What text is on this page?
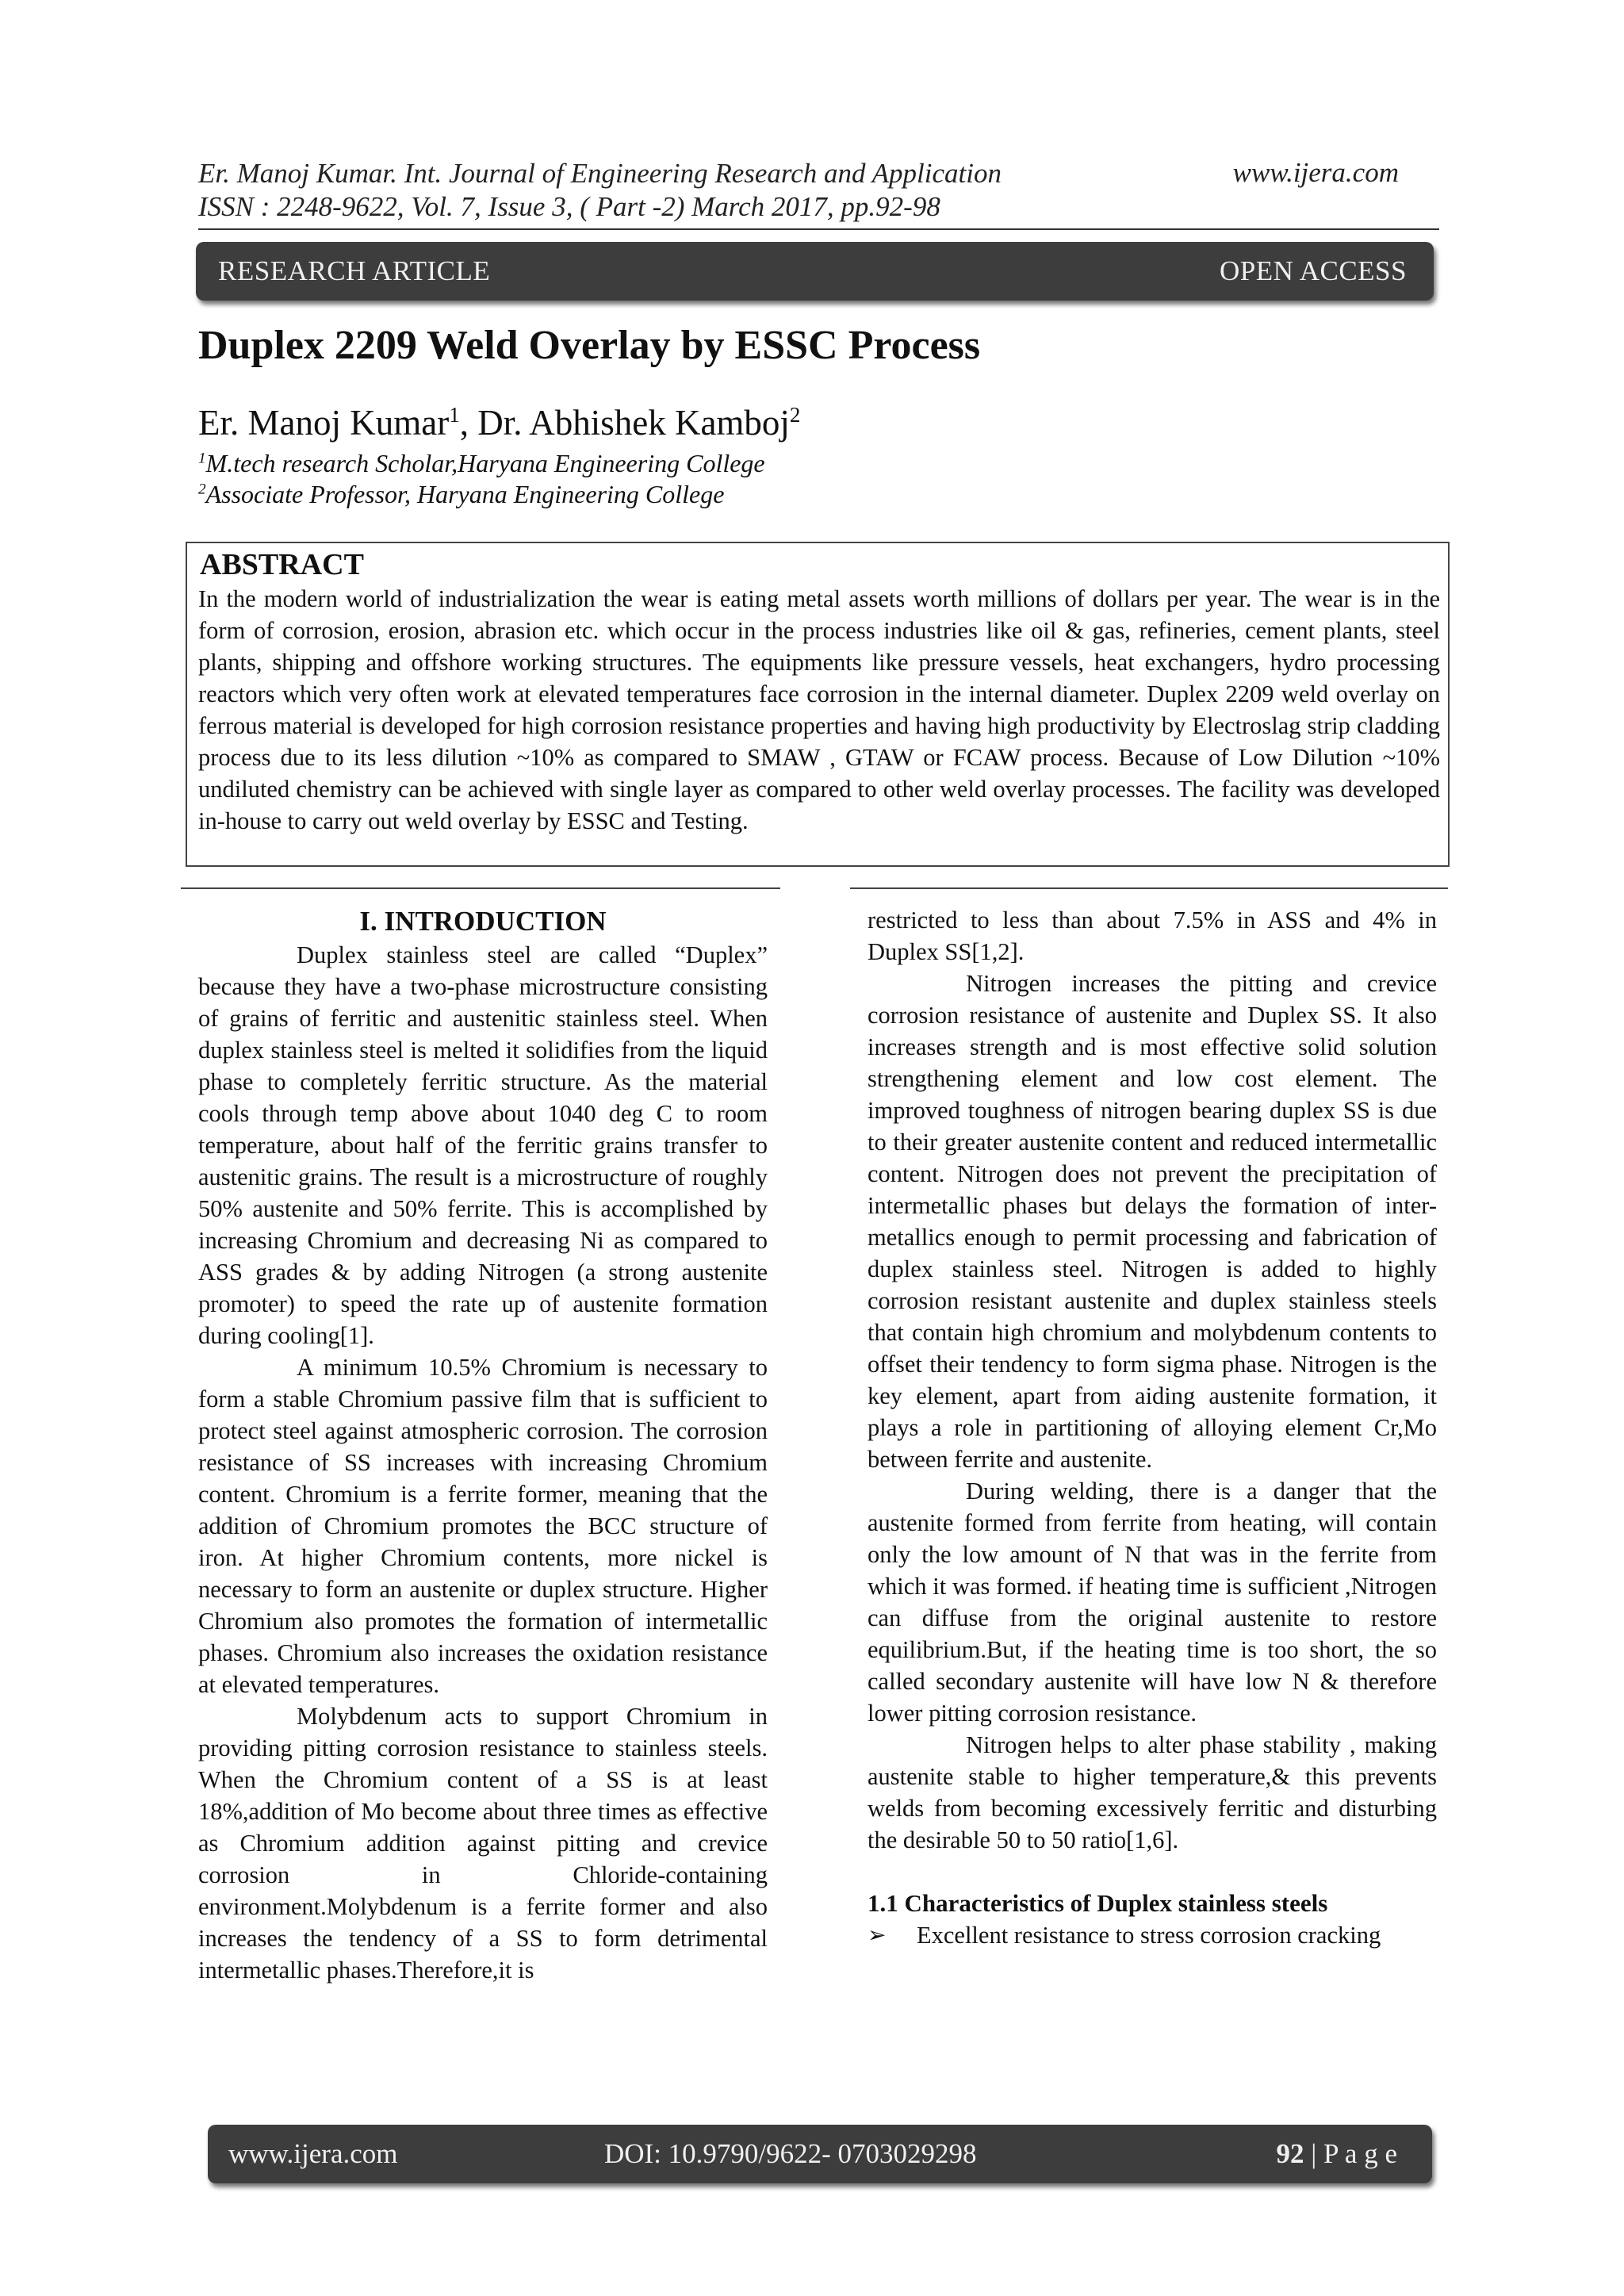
Er. Manoj Kumar. Int. Journal of Engineering Research and Application
ISSN : 2248-9622, Vol. 7, Issue 3, ( Part -2) March 2017, pp.92-98
www.ijera.com
RESEARCH ARTICLE	OPEN ACCESS
Duplex 2209 Weld Overlay by ESSC Process
Er. Manoj Kumar$^1$, Dr. Abhishek Kamboj$^2$
$^1$M.tech research Scholar,Haryana Engineering College
$^2$Associate Professor, Haryana Engineering College
ABSTRACT
In the modern world of industrialization the wear is eating metal assets worth millions of dollars per year. The wear is in the form of corrosion, erosion, abrasion etc. which occur in the process industries like oil & gas, refineries, cement plants, steel plants, shipping and offshore working structures. The equipments like pressure vessels, heat exchangers, hydro processing reactors which very often work at elevated temperatures face corrosion in the internal diameter. Duplex 2209 weld overlay on ferrous material is developed for high corrosion resistance properties and having high productivity by Electroslag strip cladding process due to its less dilution ~10% as compared to SMAW , GTAW or FCAW process. Because of Low Dilution ~10% undiluted chemistry can be achieved with single layer as compared to other weld overlay processes. The facility was developed in-house to carry out weld overlay by ESSC and Testing.
I. INTRODUCTION

Duplex stainless steel are called “Duplex” because they have a two-phase microstructure consisting of grains of ferritic and austenitic stainless steel. When duplex stainless steel is melted it solidifies from the liquid phase to completely ferritic structure. As the material cools through temp above about 1040 deg C to room temperature, about half of the ferritic grains transfer to austenitic grains. The result is a microstructure of roughly 50% austenite and 50% ferrite. This is accomplished by increasing Chromium and decreasing Ni as compared to ASS grades & by adding Nitrogen (a strong austenite promoter) to speed the rate up of austenite formation during cooling[1].

A minimum 10.5% Chromium is necessary to form a stable Chromium passive film that is sufficient to protect steel against atmospheric corrosion. The corrosion resistance of SS increases with increasing Chromium content. Chromium is a ferrite former, meaning that the addition of Chromium promotes the BCC structure of iron. At higher Chromium contents, more nickel is necessary to form an austenite or duplex structure. Higher Chromium also promotes the formation of intermetallic phases. Chromium also increases the oxidation resistance at elevated temperatures.

Molybdenum acts to support Chromium in providing pitting corrosion resistance to stainless steels. When the Chromium content of a SS is at least 18%,addition of Mo become about three times as effective as Chromium addition against pitting and crevice corrosion in Chloride-containing environment.Molybdenum is a ferrite former and also increases the tendency of a SS to form detrimental intermetallic phases.Therefore,it is

restricted to less than about 7.5% in ASS and 4% in Duplex SS[1,2].

Nitrogen increases the pitting and crevice corrosion resistance of austenite and Duplex SS. It also increases strength and is most effective solid solution strengthening element and low cost element. The improved toughness of nitrogen bearing duplex SS is due to their greater austenite content and reduced intermetallic content. Nitrogen does not prevent the precipitation of intermetallic phases but delays the formation of inter- metallics enough to permit processing and fabrication of duplex stainless steel. Nitrogen is added to highly corrosion resistant austenite and duplex stainless steels that contain high chromium and molybdenum contents to offset their tendency to form sigma phase. Nitrogen is the key element, apart from aiding austenite formation, it plays a role in partitioning of alloying element Cr,Mo between ferrite and austenite.

During welding, there is a danger that the austenite formed from ferrite from heating, will contain only the low amount of N that was in the ferrite from which it was formed. if heating time is sufficient ,Nitrogen can diffuse from the original austenite to restore equilibrium.But, if the heating time is too short, the so called secondary austenite will have low N & therefore lower pitting corrosion resistance.

Nitrogen helps to alter phase stability , making austenite stable to higher temperature,& this prevents welds from becoming excessively ferritic and disturbing the desirable 50 to 50 ratio[1,6].

1.1 Characteristics of Duplex stainless steels
➢	Excellent resistance to stress corrosion cracking
www.ijera.com	DOI: 10.9790/9622- 0703029298	92 | P a g e
